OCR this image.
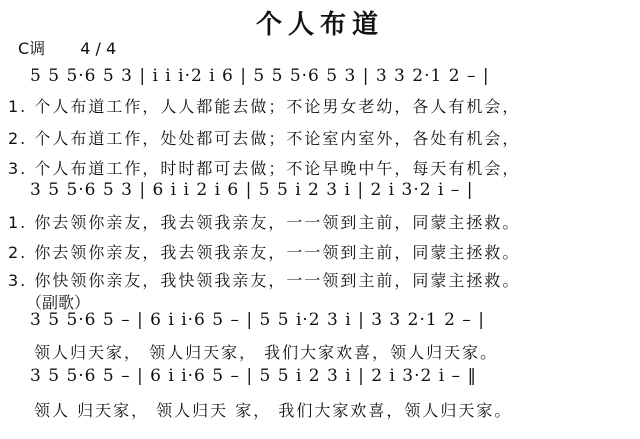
个人布道
C调 4 / 4
5 5 5·6 5 3 | i i i·2 i 6 | 5 5 5·6 5 3 | 3 3 2·1 2 – |
1. 个人布道工作，人人都能去做；不论男女老幼，各人有机会，
2. 个人布道工作，处处都可去做；不论室内室外，各处有机会，
3. 个人布道工作，时时都可去做；不论早晚中午，每天有机会，
3 5 5·6 5 3 | 6 i i 2 i 6 | 5 5 i 2 3 i | 2 i 3·2 i – |
1. 你去领你亲友，我去领我亲友，一一领到主前，同蒙主拯救。
2. 你去领你亲友，我去领我亲友，一一领到主前，同蒙主拯救。
3. 你快领你亲友，我快领我亲友，一一领到主前，同蒙主拯救。
（副歌）
3 5 5·6 5 – | 6 i i·6 5 – | 5 5 i·2 3 i | 3 3 2·1 2 – |
领人归天家， 领人归天家， 我们大家欢喜，领人归天家。
3 5 5·6 5 – | 6 i i·6 5 – | 5 5 i 2 3 i | 2 i 3·2 i – ‖
领人 归天家， 领人归天 家， 我们大家欢喜，领人归天家。
